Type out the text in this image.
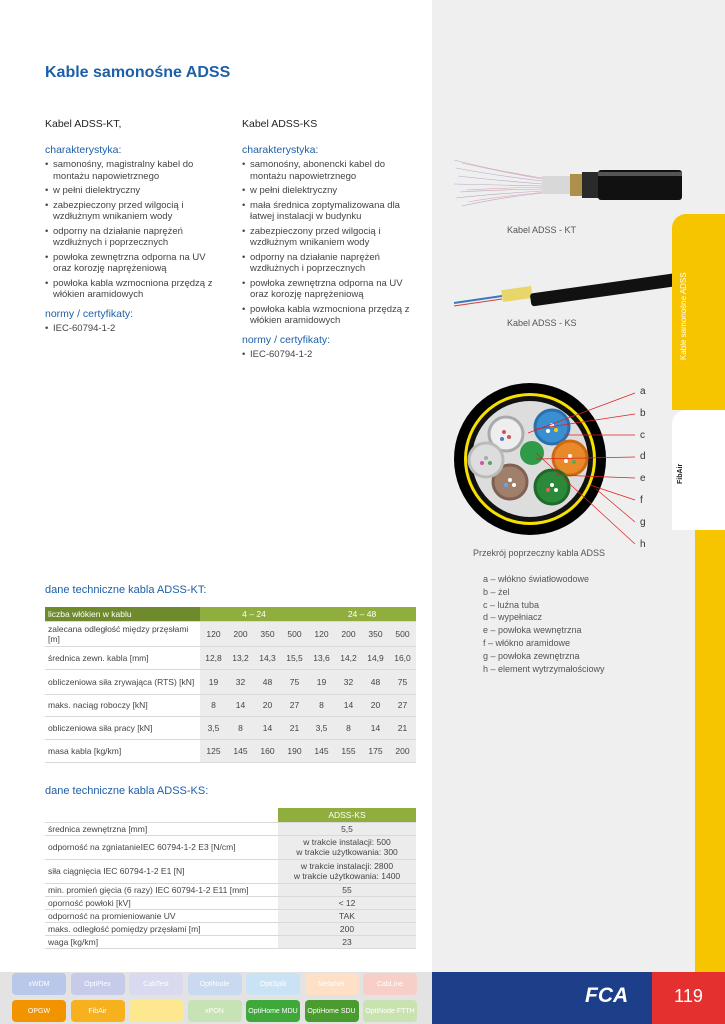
Kable samonośne ADSS
Kabel ADSS-KT,
charakterystyka:
• samonośny, magistralny kabel do montażu napowietrznego
• w pełni dielektryczny
• zabezpieczony przed wilgocią i wzdłużnym wnikaniem wody
• odporny na działanie naprężeń wzdłużnych i poprzecznych
• powłoka zewnętrzna odporna na UV oraz korozję naprężeniową
• powłoka kabla wzmocniona przędzą z włókien aramidowych
normy / certyfikaty:
• IEC-60794-1-2
Kabel ADSS-KS
charakterystyka:
• samonośny, abonencki kabel do montażu napowietrznego
• w pełni dielektryczny
• mała średnica zoptymalizowana dla łatwej instalacji w budynku
• zabezpieczony przed wilgocią i wzdłużnym wnikaniem wody
• odporny na działanie naprężeń wzdłużnych i poprzecznych
• powłoka zewnętrzna odporna na UV oraz korozję naprężeniową
• powłoka kabla wzmocniona przędzą z włókien aramidowych
normy / certyfikaty:
• IEC-60794-1-2
dane techniczne kabla ADSS-KT:
liczba włókien w kablu	4 – 24				24 – 48			
zalecana odległość między przęsłami [m]	120	200	350	500	120	200	350	500
średnica zewn. kabla [mm]	12,8	13,2	14,3	15,5	13,6	14,2	14,9	16,0
obliczeniowa siła zrywająca (RTS) [kN]	19	32	48	75	19	32	48	75
maks. naciąg roboczy [kN]	8	14	20	27	8	14	20	27
obliczeniowa siła pracy [kN]	3,5	8	14	21	3,5	8	14	21
masa kabla [kg/km]	125	145	160	190	145	155	175	200
dane techniczne kabla ADSS-KS:
	ADSS-KS
średnica zewnętrzna [mm]	5,5

odporność na zgniatanieIEC 60794-1-2 E3 [N/cm]	w trakcie instalacji: 500
w trakcie użytkowania: 300

siła ciągnięcia IEC 60794-1-2 E1 [N]	w trakcie instalacji: 2800
w trakcie użytkowania: 1400

min. promień gięcia (6 razy) IEC 60794-1-2 E11 [mm]	55

oporność powłoki [kV]	< 12

odporność na promieniowanie UV	TAK

maks. odległość pomiędzy przęsłami [m]	200

waga [kg/km]	23
Kabel ADSS - KT
Kabel ADSS - KS
Przekrój poprzeczny kabla ADSS
a – włókno światłowodowe
b – żel
c – luźna tuba
d – wypełniacz
e – powłoka wewnętrzna
f – włókno aramidowe
g – powłoka zewnętrzna
h – element wytrzymałościowy
a
b
c
d
e
f
g
h
Kable samonośne ADSS
FibAir
xWDM	OptiPlex	CabTest	OptiNode	OptiSplit	MetaNet	CabLine
OPGW	FibAir	xPON	OptiHome MDU	OptiHome SDU	OptiNode FTTH
FCA	119
